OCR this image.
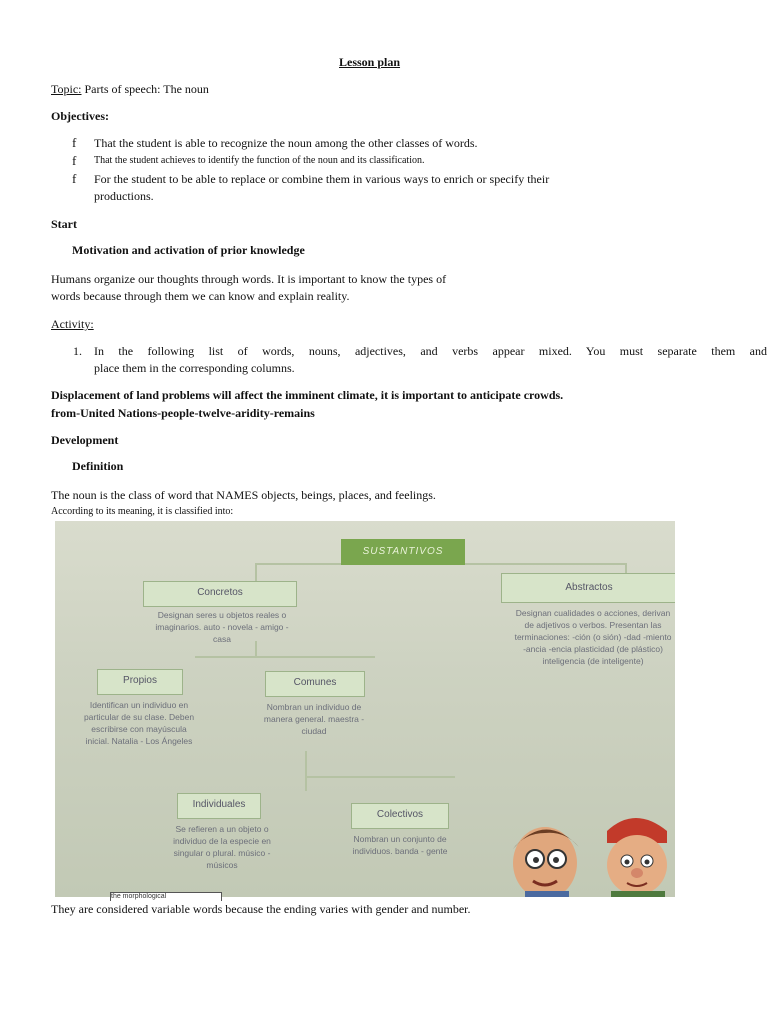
Lesson plan
Topic: Parts of speech: The noun
Objectives:
f That the student is able to recognize the noun among the other classes of words.
f That the student achieves to identify the function of the noun and its classification.
f For the student to be able to replace or combine them in various ways to enrich or specify their
productions.
Start
Motivation and activation of prior knowledge
Humans organize our thoughts through words. It is important to know the types of
words because through them we can know and explain reality.
Activity:
1. In the following list of words, nouns, adjectives, and verbs appear mixed. You must separate them and
place them in the corresponding columns.
Displacement of land problems will affect the imminent climate, it is important to anticipate crowds.
from-United Nations-people-twelve-aridity-remains
Development
Definition
The noun is the class of word that NAMES objects, beings, places, and feelings.
According to its meaning, it is classified into:
SUSTANTIVOS
Concretos
Designan seres u objetos reales o imaginarios. auto - novela - amigo - casa
Abstractos
Designan cualidades o acciones, derivan de adjetivos o verbos. Presentan las terminaciones: -ción (o sión) -dad -miento -ancia -encia plasticidad (de plástico) inteligencia (de inteligente)
Propios
Identifican un individuo en particular de su clase. Deben escribirse con mayúscula inicial. Natalia - Los Ángeles
Comunes
Nombran un individuo de manera general. maestra - ciudad
Individuales
Se refieren a un objeto o individuo de la especie en singular o plural. músico - músicos
Colectivos
Nombran un conjunto de individuos. banda - gente
the morphological
They are considered variable words because the ending varies with gender and number.
